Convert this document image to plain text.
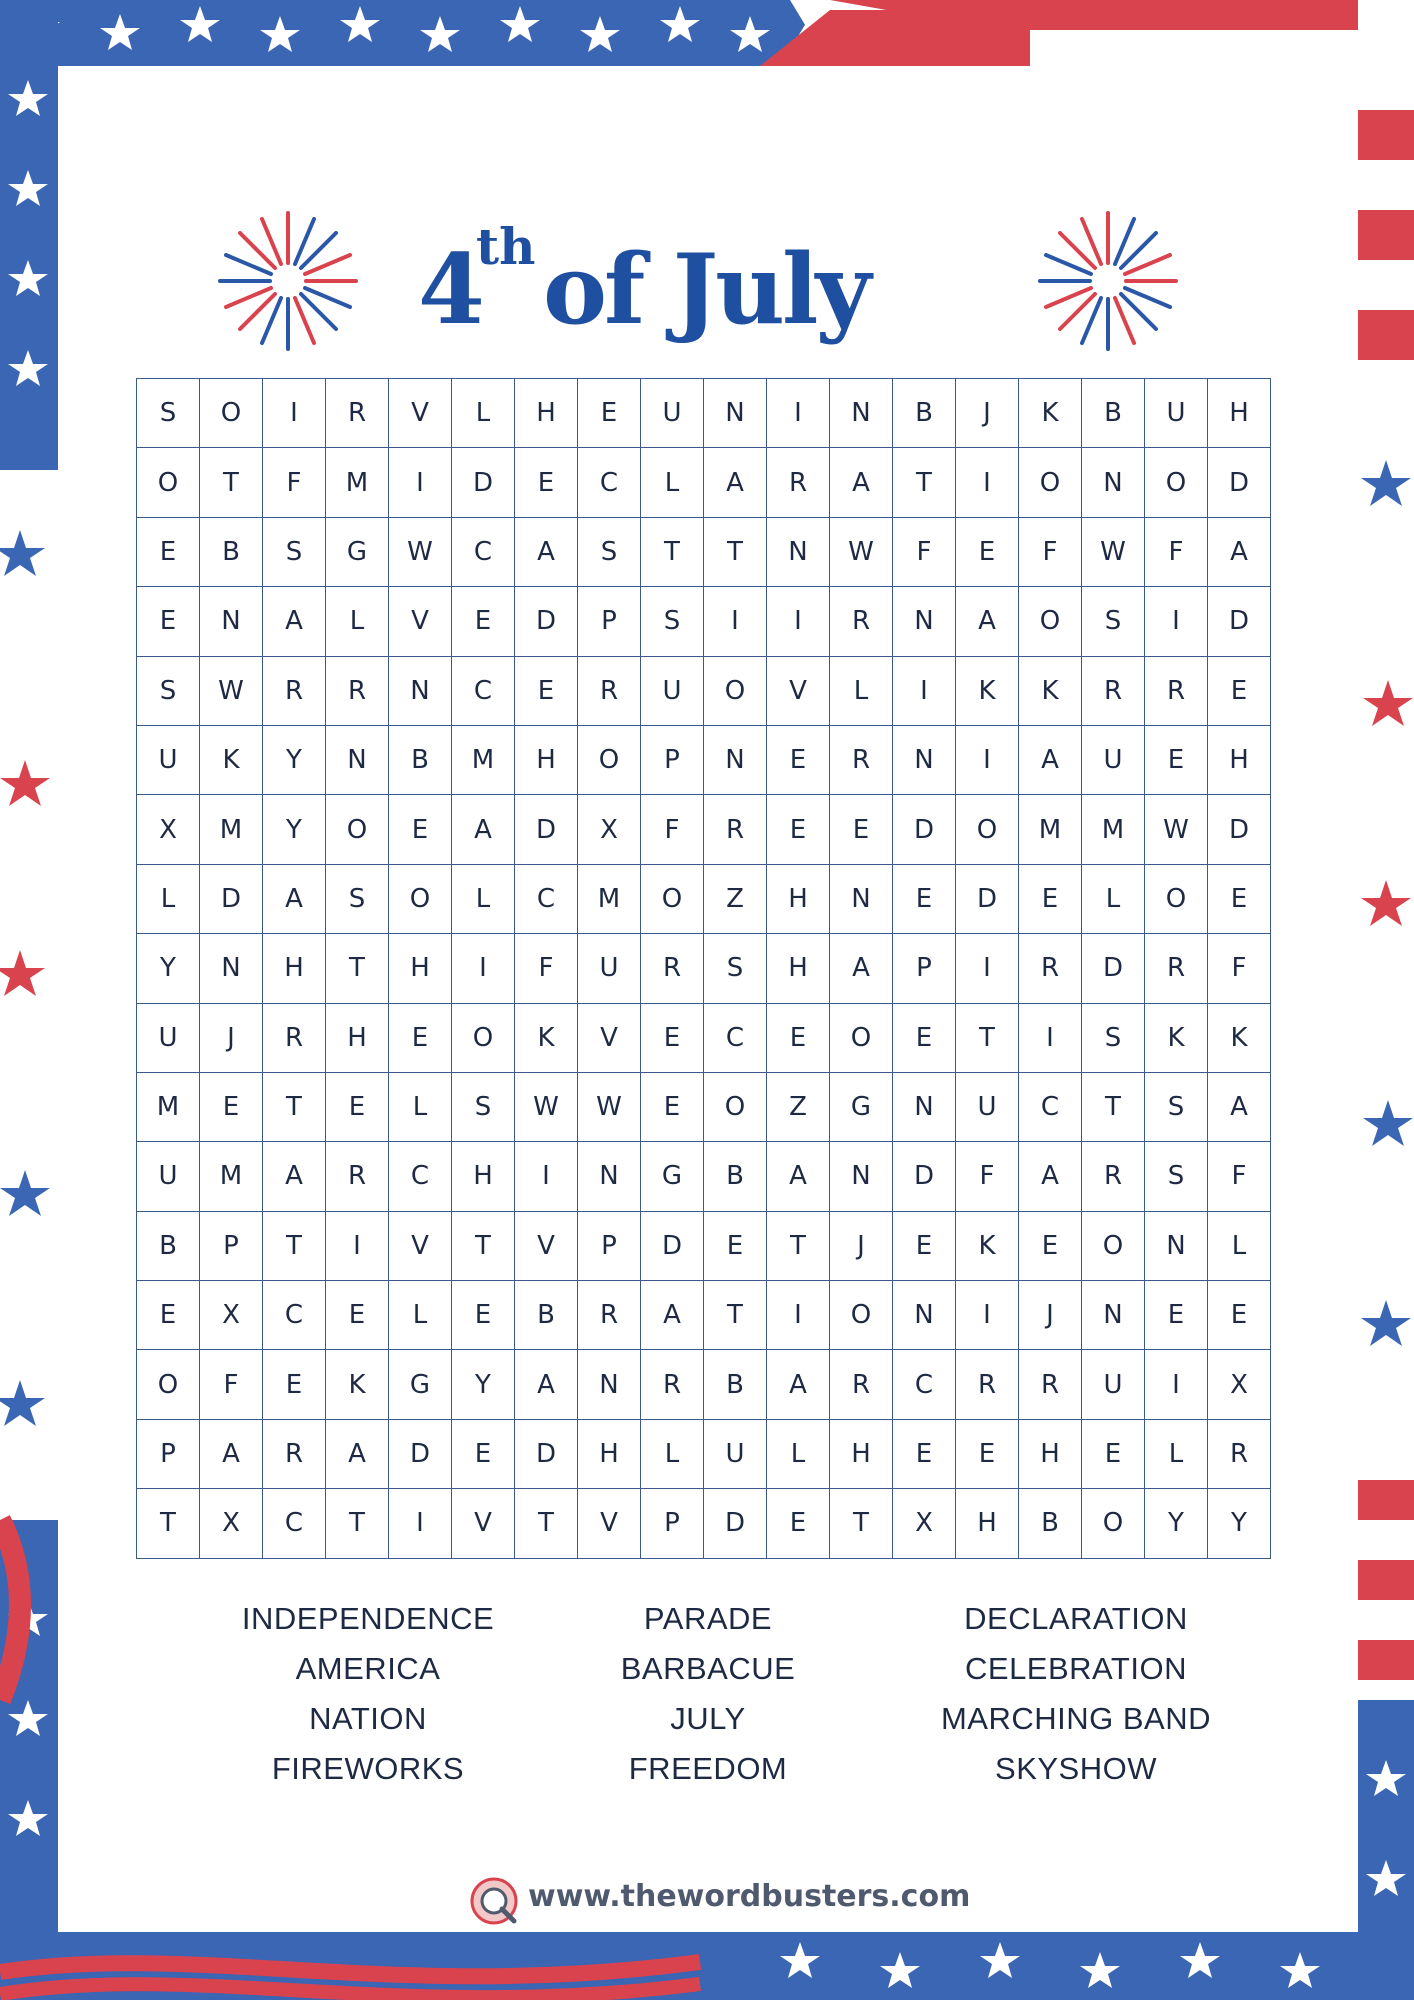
4
th of July
S	O	I	R	V	L	H	E	U	N	I	N	B	J	K	B	U	H
O	T	F	M	I	D	E	C	L	A	R	A	T	I	O	N	O	D
E	B	S	G	W	C	A	S	T	T	N	W	F	E	F	W	F	A
E	N	A	L	V	E	D	P	S	I	I	R	N	A	O	S	I	D
S	W	R	R	N	C	E	R	U	O	V	L	I	K	K	R	R	E
U	K	Y	N	B	M	H	O	P	N	E	R	N	I	A	U	E	H
X	M	Y	O	E	A	D	X	F	R	E	E	D	O	M	M	W	D
L	D	A	S	O	L	C	M	O	Z	H	N	E	D	E	L	O	E
Y	N	H	T	H	I	F	U	R	S	H	A	P	I	R	D	R	F
U	J	R	H	E	O	K	V	E	C	E	O	E	T	I	S	K	K
M	E	T	E	L	S	W	W	E	O	Z	G	N	U	C	T	S	A
U	M	A	R	C	H	I	N	G	B	A	N	D	F	A	R	S	F
B	P	T	I	V	T	V	P	D	E	T	J	E	K	E	O	N	L
E	X	C	E	L	E	B	R	A	T	I	O	N	I	J	N	E	E
O	F	E	K	G	Y	A	N	R	B	A	R	C	R	R	U	I	X
P	A	R	A	D	E	D	H	L	U	L	H	E	E	H	E	L	R
T	X	C	T	I	V	T	V	P	D	E	T	X	H	B	O	Y	Y
INDEPENDENCE
AMERICA
NATION
FIREWORKS
PARADE
BARBACUE
JULY
FREEDOM
DECLARATION
CELEBRATION
MARCHING BAND
SKYSHOW
www.thewordbusters.com
